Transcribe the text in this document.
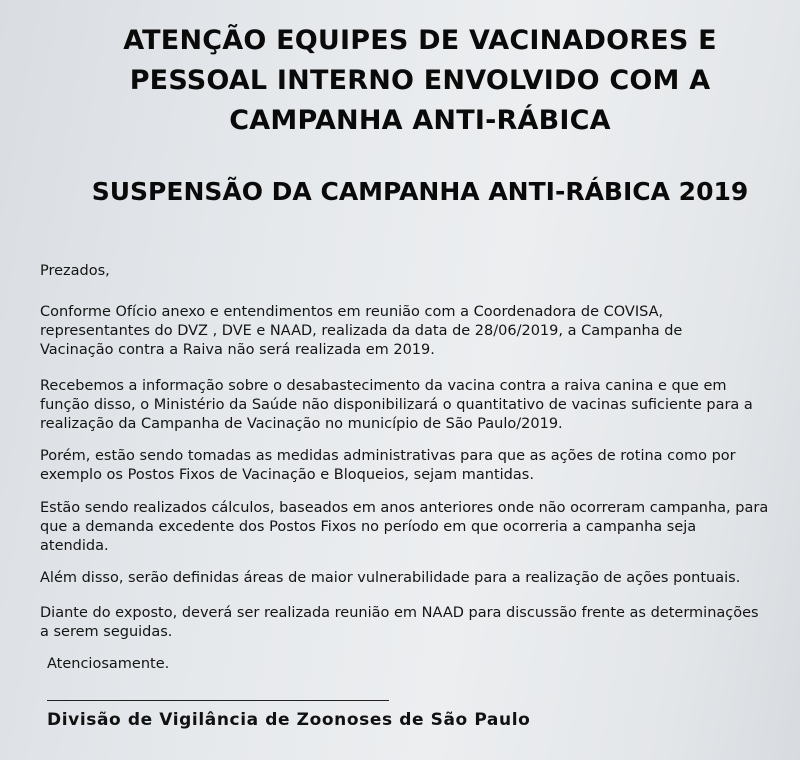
ATENÇÃO EQUIPES DE VACINADORES E
PESSOAL INTERNO ENVOLVIDO COM A
CAMPANHA ANTI-RÁBICA
SUSPENSÃO DA CAMPANHA ANTI-RÁBICA 2019

Prezados,

Conforme Ofício anexo e entendimentos em reunião com a Coordenadora de COVISA,
representantes do DVZ , DVE e NAAD, realizada da data de 28/06/2019, a Campanha de
Vacinação contra a Raiva não será realizada em 2019.
Recebemos a informação sobre o desabastecimento da vacina contra a raiva canina e que em
função disso, o Ministério da Saúde não disponibilizará o quantitativo de vacinas suficiente para a
realização da Campanha de Vacinação no município de São Paulo/2019.
Porém, estão sendo tomadas as medidas administrativas para que as ações de rotina como por
exemplo os Postos Fixos de Vacinação e Bloqueios, sejam mantidas.
Estão sendo realizados cálculos, baseados em anos anteriores onde não ocorreram campanha, para
que a demanda excedente dos Postos Fixos no período em que ocorreria a campanha seja
atendida.
Além disso, serão definidas áreas de maior vulnerabilidade para a realização de ações pontuais.
Diante do exposto, deverá ser realizada reunião em NAAD para discussão frente as determinações
a serem seguidas.

Atenciosamente.

Divisão de Vigilância de Zoonoses de São Paulo
